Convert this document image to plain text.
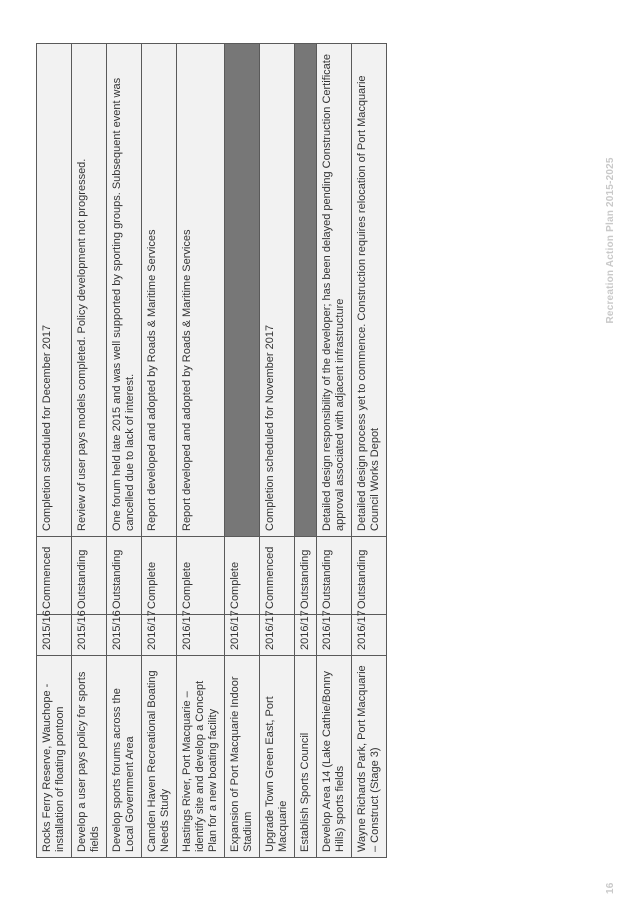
Rocks Ferry Reserve, Wauchope - installation of floating pontoon	2015/16	Commenced	Completion scheduled for December 2017
Develop a user pays policy for sports fields	2015/16	Outstanding	Review of user pays models completed. Policy development not progressed.
Develop sports forums across the Local Government Area	2015/16	Outstanding	One forum held late 2015 and was well supported by sporting groups. Subsequent event was cancelled due to lack of interest.
Camden Haven Recreational Boating Needs Study	2016/17	Complete	Report developed and adopted by Roads & Maritime Services
Hastings River, Port Macquarie – identify site and develop a Concept Plan for a new boating facility	2016/17	Complete	Report developed and adopted by Roads & Maritime Services
Expansion of Port Macquarie Indoor Stadium	2016/17	Complete	
Upgrade Town Green East, Port Macquarie	2016/17	Commenced	Completion scheduled for November 2017
Establish Sports Council	2016/17	Outstanding	
Develop Area 14 (Lake Cathie/Bonny Hills) sports fields	2016/17	Outstanding	Detailed design responsibility of the developer; has been delayed pending Construction Certificate approval associated with adjacent infrastructure
Wayne Richards Park, Port Macquarie – Construct (Stage 3)	2016/17	Outstanding	Detailed design process yet to commence. Construction requires relocation of Port Macquarie Council Works Depot
16 Recreation Action Plan 2015-2025
